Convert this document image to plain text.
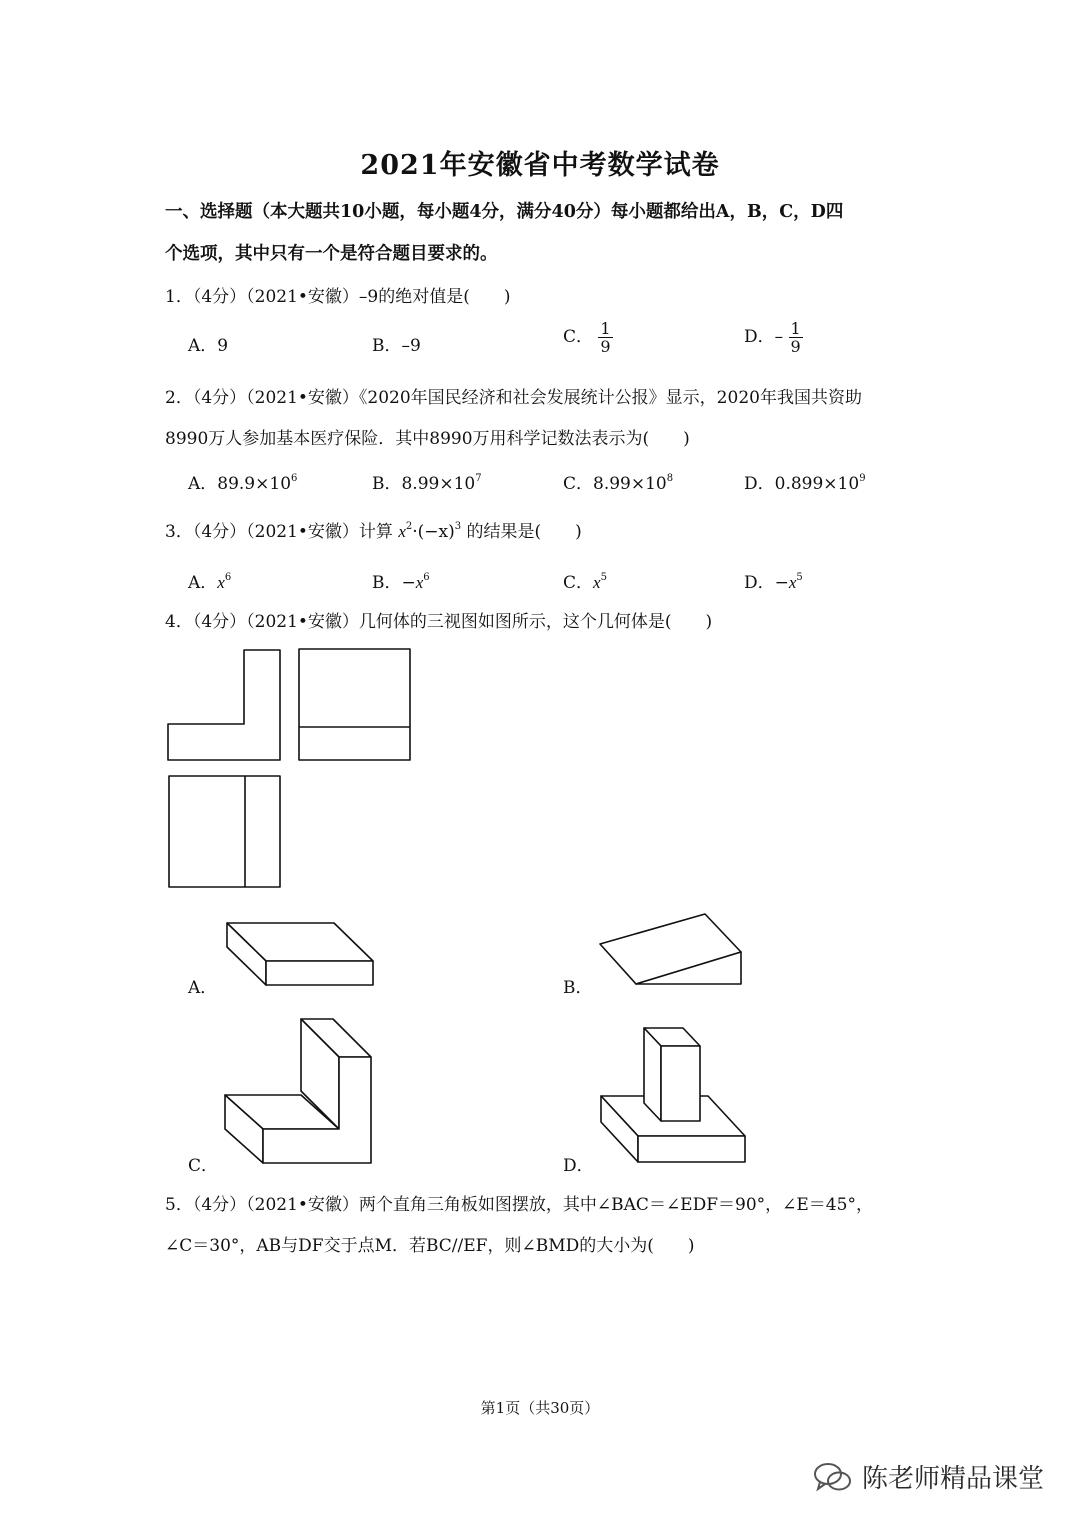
2021年安徽省中考数学试卷
一、选择题（本大题共10小题，每小题4分，满分40分）每小题都给出A，B，C，D四
个选项，其中只有一个是符合题目要求的。
1．（4分）（2021•安徽）–9的绝对值是(　　)
A．9	B．–9	C． $\frac{1}{9}$	D．– $\frac{1}{9}$
2．（4分）（2021•安徽）《2020年国民经济和社会发展统计公报》显示，2020年我国共资助
8990万人参加基本医疗保险．其中8990万用科学记数法表示为(　　)
A．$89.9\times 10^6$	B．$8.99\times 10^7$	C．$8.99\times 10^8$	D．$0.899\times 10^9$
3．（4分）（2021•安徽）计算 $x^2\cdot(-x)^3$ 的结果是(　　)
A．$x^6$	B．$-x^6$	C．$x^5$	D．$-x^5$
4．（4分）（2021•安徽）几何体的三视图如图所示，这个几何体是(　　)
A．	B．
C．	D．
5．（4分）（2021•安徽）两个直角三角板如图摆放，其中∠BAC＝∠EDF＝90°，∠E＝45°，
∠C＝30°，AB与DF交于点M．若BC//EF，则∠BMD的大小为(　　)
第1页（共30页）
陈老师精品课堂
